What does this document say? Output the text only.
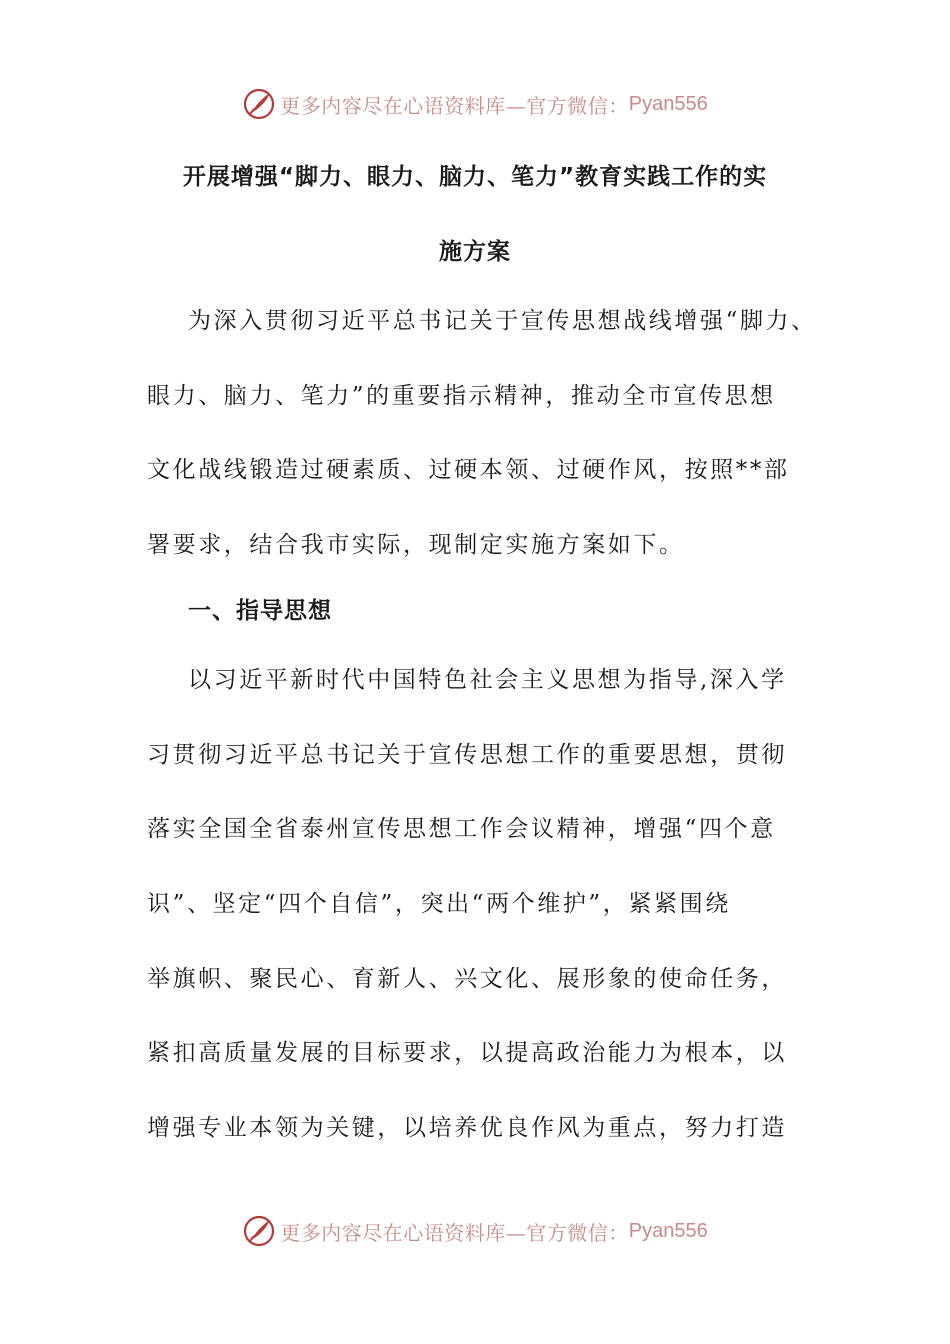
更多内容尽在心语资料库—官方微信： Pyan556
开展增强“脚力、眼力、脑力、笔力”教育实践工作的实
施方案
为深入贯彻习近平总书记关于宣传思想战线增强“脚力、
眼力、脑力、笔力”的重要指示精神，推动全市宣传思想
文化战线锻造过硬素质、过硬本领、过硬作风，按照**部
署要求，结合我市实际，现制定实施方案如下。
一、指导思想
以习近平新时代中国特色社会主义思想为指导,深入学
习贯彻习近平总书记关于宣传思想工作的重要思想，贯彻
落实全国全省泰州宣传思想工作会议精神，增强“四个意
识”、坚定“四个自信”，突出“两个维护”，紧紧围绕
举旗帜、聚民心、育新人、兴文化、展形象的使命任务，
紧扣高质量发展的目标要求，以提高政治能力为根本，以
增强专业本领为关键，以培养优良作风为重点，努力打造
更多内容尽在心语资料库—官方微信： Pyan556
